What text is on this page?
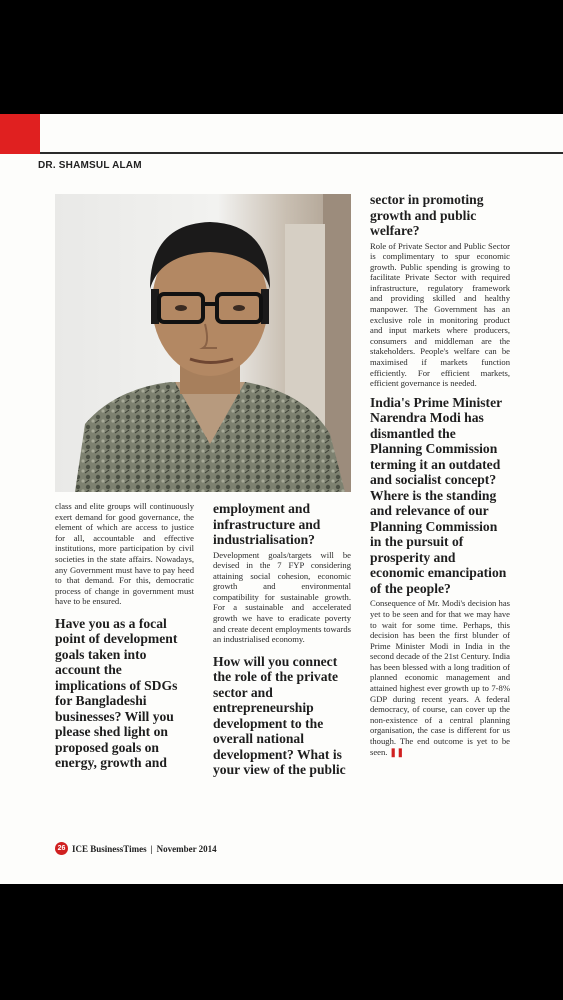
DR. SHAMSUL ALAM

class and elite groups will continuously exert demand for good governance, the element of which are access to justice for all, accountable and effective institutions, more participation by civil societies in the state affairs. Nowadays, any Government must have to pay heed to that demand. For this, democratic process of change in government must have to be ensured.

Have you as a focal point of development goals taken into account the implications of SDGs for Bangladeshi businesses? Will you please shed light on proposed goals on energy, growth and

employment and infrastructure and industrialisation?

Development goals/targets will be devised in the 7 FYP considering attaining social cohesion, economic growth and environmental compatibility for sustainable growth. For a sustainable and accelerated growth we have to eradicate poverty and create decent employments towards an industrialised economy.

How will you connect the role of the private sector and entrepreneurship development to the overall national development? What is your view of the public

sector in promoting growth and public welfare?

Role of Private Sector and Public Sector is complimentary to spur economic growth. Public spending is growing to facilitate Private Sector with required infrastructure, regulatory framework and providing skilled and healthy manpower. The Government has an exclusive role in monitoring product and input markets where producers, consumers and middleman are the stakeholders. People's welfare can be maximised if markets function efficiently. For efficient markets, efficient governance is needed.

India's Prime Minister Narendra Modi has dismantled the Planning Commission terming it an outdated and socialist concept? Where is the standing and relevance of our Planning Commission in the pursuit of prosperity and economic emancipation of the people?

Consequence of Mr. Modi's decision has yet to be seen and for that we may have to wait for some time. Perhaps, this decision has been the first blunder of Prime Minister Modi in India in the second decade of the 21st Century. India has been blessed with a long tradition of planned economic management and attained highest ever growth up to 7-8% GDP during recent years. A federal democracy, of course, can cover up the non-existence of a central planning organisation, the case is different for us though. The end outcome is yet to be seen. ❚❚

26 ICE BusinessTimes | November 2014
